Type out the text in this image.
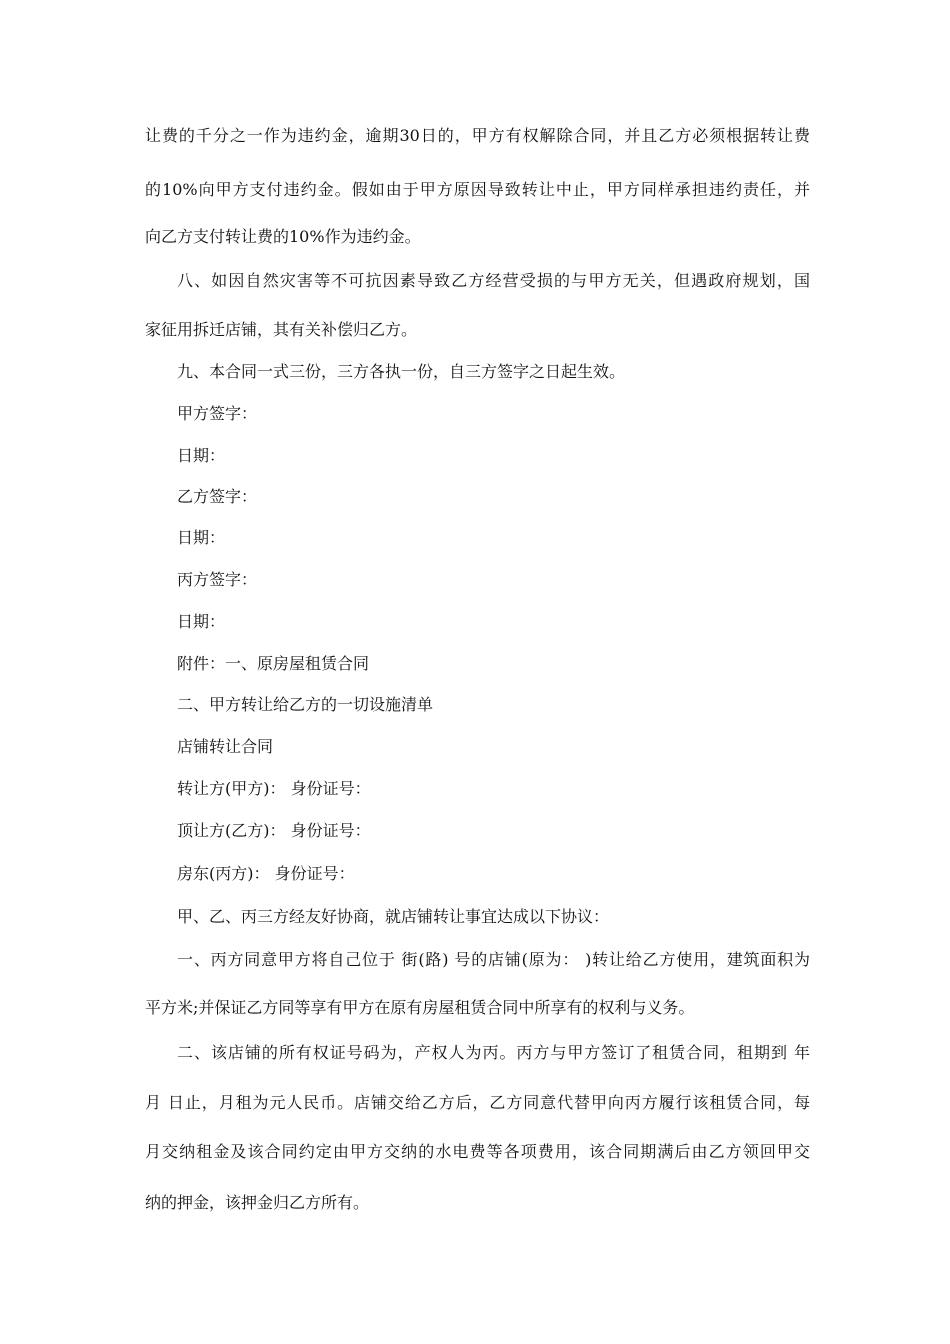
让费的千分之一作为违约金，逾期30日的，甲方有权解除合同，并且乙方必须根据转让费
的10%向甲方支付违约金。假如由于甲方原因导致转让中止，甲方同样承担违约责任，并
向乙方支付转让费的10%作为违约金。
八、如因自然灾害等不可抗因素导致乙方经营受损的与甲方无关，但遇政府规划，国
家征用拆迁店铺，其有关补偿归乙方。
九、本合同一式三份，三方各执一份，自三方签字之日起生效。
甲方签字：
日期：
乙方签字：
日期：
丙方签字：
日期：
附件：一、原房屋租赁合同
二、甲方转让给乙方的一切设施清单
店铺转让合同
转让方(甲方)： 身份证号：
顶让方(乙方)： 身份证号：
房东(丙方)： 身份证号：
甲、乙、丙三方经友好协商，就店铺转让事宜达成以下协议：
一、丙方同意甲方将自己位于 街(路) 号的店铺(原为： )转让给乙方使用，建筑面积为
平方米;并保证乙方同等享有甲方在原有房屋租赁合同中所享有的权利与义务。
二、该店铺的所有权证号码为，产权人为丙。丙方与甲方签订了租赁合同，租期到 年
月 日止，月租为元人民币。店铺交给乙方后，乙方同意代替甲向丙方履行该租赁合同，每
月交纳租金及该合同约定由甲方交纳的水电费等各项费用，该合同期满后由乙方领回甲交
纳的押金，该押金归乙方所有。
